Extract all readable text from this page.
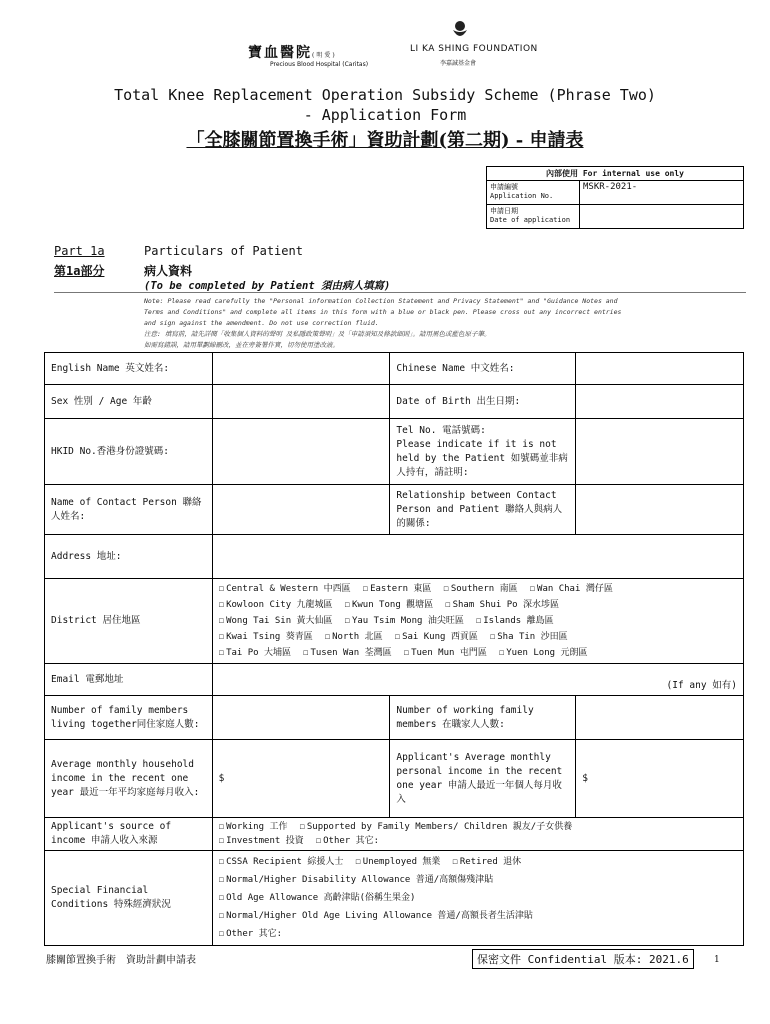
寶血醫院(明愛)
Precious Blood Hospital (Caritas)
LI KA SHING FOUNDATION
李嘉誠基金會
Total Knee Replacement Operation Subsidy Scheme (Phrase Two)
- Application Form
「全膝關節置換手術」資助計劃(第二期) - 申請表
內部使用 For internal use only	

申請編號
Application No.	MSKR-2021-

申請日期
Date of application	

Part 1a
第1a部分
Particulars of Patient
病人資料
(To be completed by Patient 須由病人填寫)
Note: Please read carefully the "Personal information Collection Statement and Privacy Statement" and "Guidance Notes and
Terms and Conditions" and complete all items in this form with a blue or black pen. Please cross out any incorrect entries
and sign against the amendment. Do not use correction fluid.
注意: 填寫前，請先詳閱「收集個人資料的聲明 及私隱政策聲明」及「申請須知及條款細則」。請用黑色或藍色原子筆。
如需寫錯誤，請用單劃線刪改，並在旁簽署作實，切勿使用塗改液。
English Name 英文姓名:		Chinese Name 中文姓名:	
Sex 性別 / Age 年齡		Date of Birth 出生日期:	
HKID No.香港身份證號碼:		Tel No. 電話號碼:
Please indicate if it is not held by the Patient 如號碼並非病人持有，請註明:	

Name of Contact Person 聯絡人姓名:		Relationship between Contact Person and Patient 聯絡人與病人的關係:	
Address 地址:			
District 居住地區	☐ Central & Western 中西區 ☐ Eastern 東區 ☐ Southern 南區 ☐ Wan Chai 灣仔區
☐ Kowloon City 九龍城區 ☐ Kwun Tong 觀塘區 ☐ Sham Shui Po 深水埗區
☐ Wong Tai Sin 黃大仙區 ☐ Yau Tsim Mong 油尖旺區 ☐ Islands 離島區
☐ Kwai Tsing 葵青區 ☐ North 北區 ☐ Sai Kung 西貢區 ☐ Sha Tin 沙田區
☐ Tai Po 大埔區 ☐ Tusen Wan 荃灣區 ☐ Tuen Mun 屯門區 ☐ Yuen Long 元朗區		

Email 電郵地址	(If any 如有)		
Number of family members living together同住家庭人數:		Number of working family members 在職家人人數:	
Average monthly household income in the recent one year 最近一年平均家庭每月收入:	$	Applicant's Average monthly personal income in the recent one year 申請人最近一年個人每月收入	$
Applicant's source of income 申請人收入來源	☐ Working 工作 ☐ Supported by Family Members/ Children 親友/子女供養
☐ Investment 投資 ☐ Other 其它:		

Special Financial Conditions 特殊經濟狀況	☐ CSSA Recipient 綜援人士 ☐ Unemployed 無業 ☐ Retired 退休
☐ Normal/Higher Disability Allowance 普通/高額傷殘津貼
☐ Old Age Allowance 高齡津貼(俗稱生果金)
☐ Normal/Higher Old Age Living Allowance 普通/高額長者生活津貼
☐ Other 其它:		
膝關節置換手術　資助計劃申請表	保密文件 Confidential 版本: 2021.6	1
